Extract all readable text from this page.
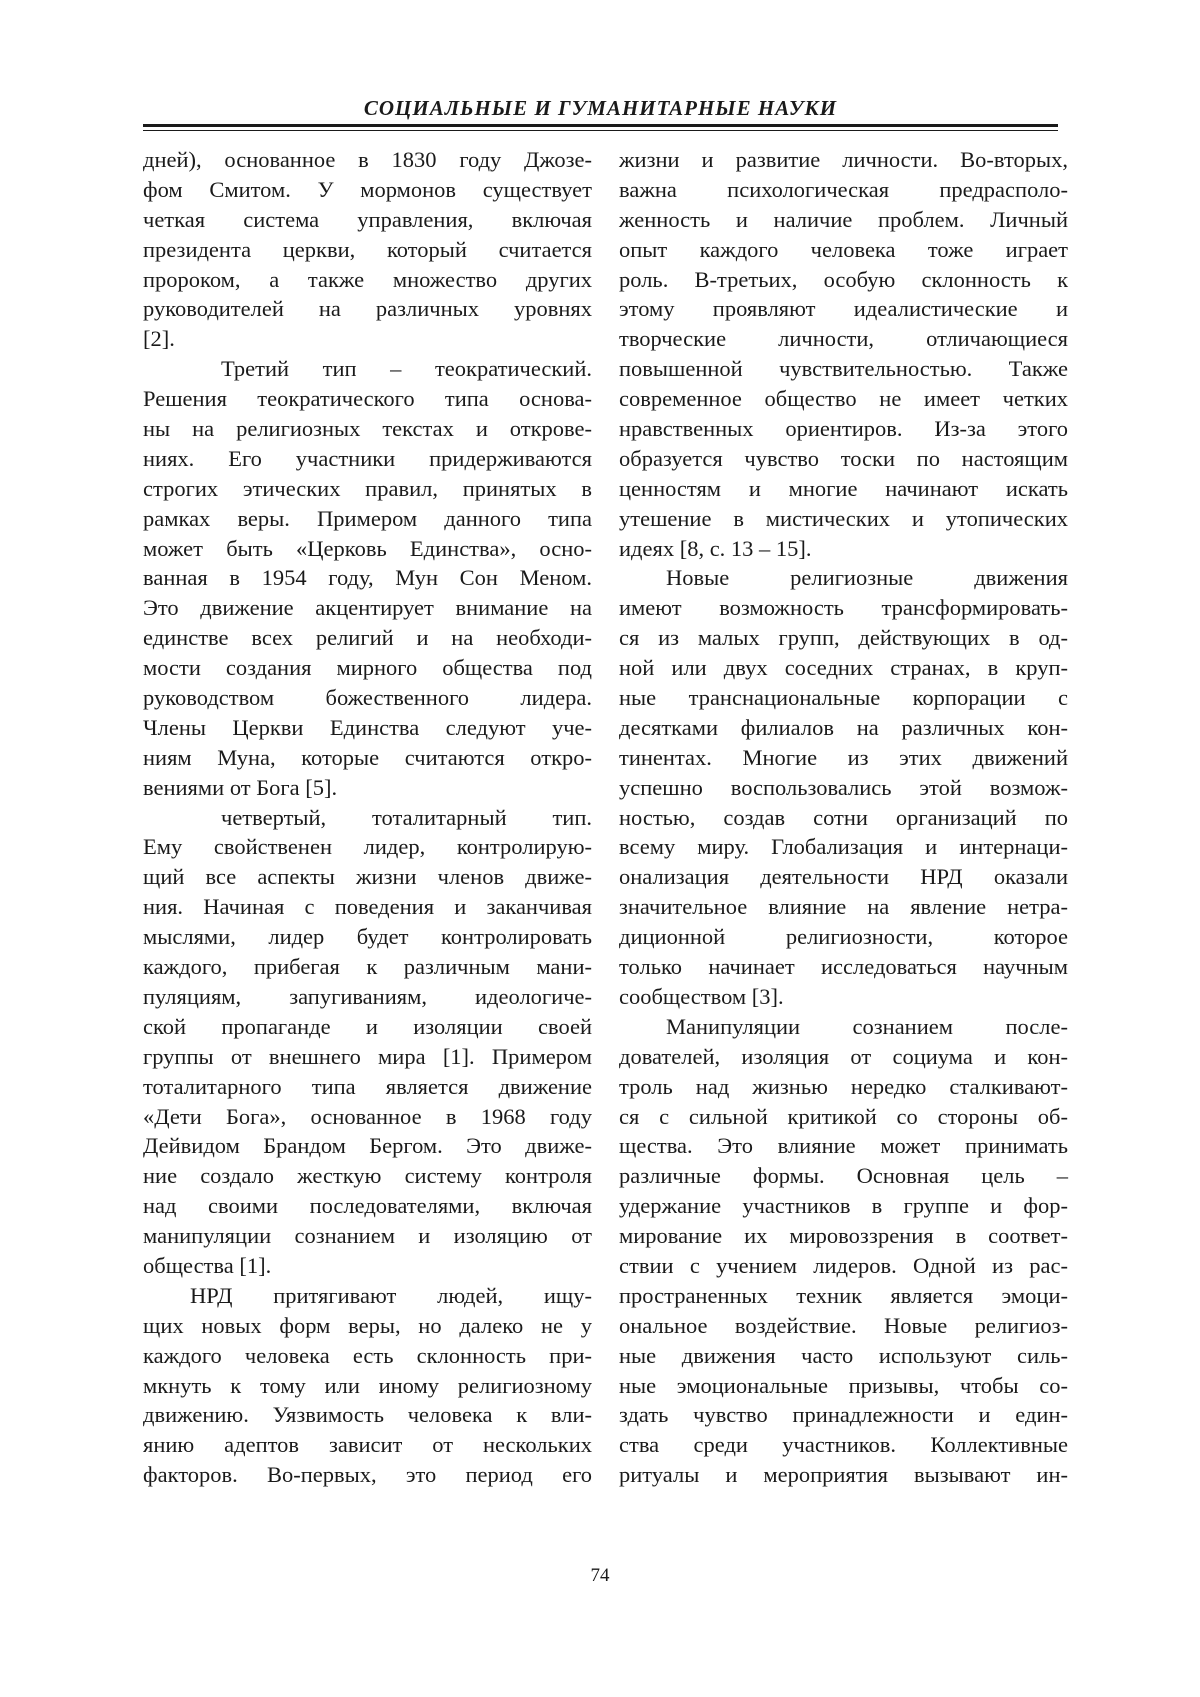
СОЦИАЛЬНЫЕ И ГУМАНИТАРНЫЕ НАУКИ
дней), основанное в 1830 году Джозе-
фом Смитом. У мормонов существует
четкая система управления, включая
президента церкви, который считается
пророком, а также множество других
руководителей на различных уровнях
[2].
Третий тип – теократический.
Решения теократического типа основа-
ны на религиозных текстах и открове-
ниях. Его участники придерживаются
строгих этических правил, принятых в
рамках веры. Примером данного типа
может быть «Церковь Единства», осно-
ванная в 1954 году, Мун Сон Меном.
Это движение акцентирует внимание на
единстве всех религий и на необходи-
мости создания мирного общества под
руководством божественного лидера.
Члены Церкви Единства следуют уче-
ниям Муна, которые считаются откро-
вениями от Бога [5].
четвертый, тоталитарный тип.
Ему свойственен лидер, контролирую-
щий все аспекты жизни членов движе-
ния. Начиная с поведения и заканчивая
мыслями, лидер будет контролировать
каждого, прибегая к различным мани-
пуляциям, запугиваниям, идеологиче-
ской пропаганде и изоляции своей
группы от внешнего мира [1]. Примером
тоталитарного типа является движение
«Дети Бога», основанное в 1968 году
Дейвидом Брандом Бергом. Это движе-
ние создало жесткую систему контроля
над своими последователями, включая
манипуляции сознанием и изоляцию от
общества [1].
НРД притягивают людей, ищу-
щих новых форм веры, но далеко не у
каждого человека есть склонность при-
мкнуть к тому или иному религиозному
движению. Уязвимость человека к вли-
янию адептов зависит от нескольких
факторов. Во-первых, это период его
жизни и развитие личности. Во-вторых,
важна психологическая предрасполо-
женность и наличие проблем. Личный
опыт каждого человека тоже играет
роль. В-третьих, особую склонность к
этому проявляют идеалистические и
творческие личности, отличающиеся
повышенной чувствительностью. Также
современное общество не имеет четких
нравственных ориентиров. Из-за этого
образуется чувство тоски по настоящим
ценностям и многие начинают искать
утешение в мистических и утопических
идеях [8, с. 13 – 15].
Новые религиозные движения
имеют возможность трансформировать-
ся из малых групп, действующих в од-
ной или двух соседних странах, в круп-
ные транснациональные корпорации с
десятками филиалов на различных кон-
тинентах. Многие из этих движений
успешно воспользовались этой возмож-
ностью, создав сотни организаций по
всему миру. Глобализация и интернаци-
онализация деятельности НРД оказали
значительное влияние на явление нетра-
диционной религиозности, которое
только начинает исследоваться научным
сообществом [3].
Манипуляции сознанием после-
дователей, изоляция от социума и кон-
троль над жизнью нередко сталкивают-
ся с сильной критикой со стороны об-
щества. Это влияние может принимать
различные формы. Основная цель –
удержание участников в группе и фор-
мирование их мировоззрения в соответ-
ствии с учением лидеров. Одной из рас-
пространенных техник является эмоци-
ональное воздействие. Новые религиоз-
ные движения часто используют силь-
ные эмоциональные призывы, чтобы со-
здать чувство принадлежности и един-
ства среди участников. Коллективные
ритуалы и мероприятия вызывают ин-
74
